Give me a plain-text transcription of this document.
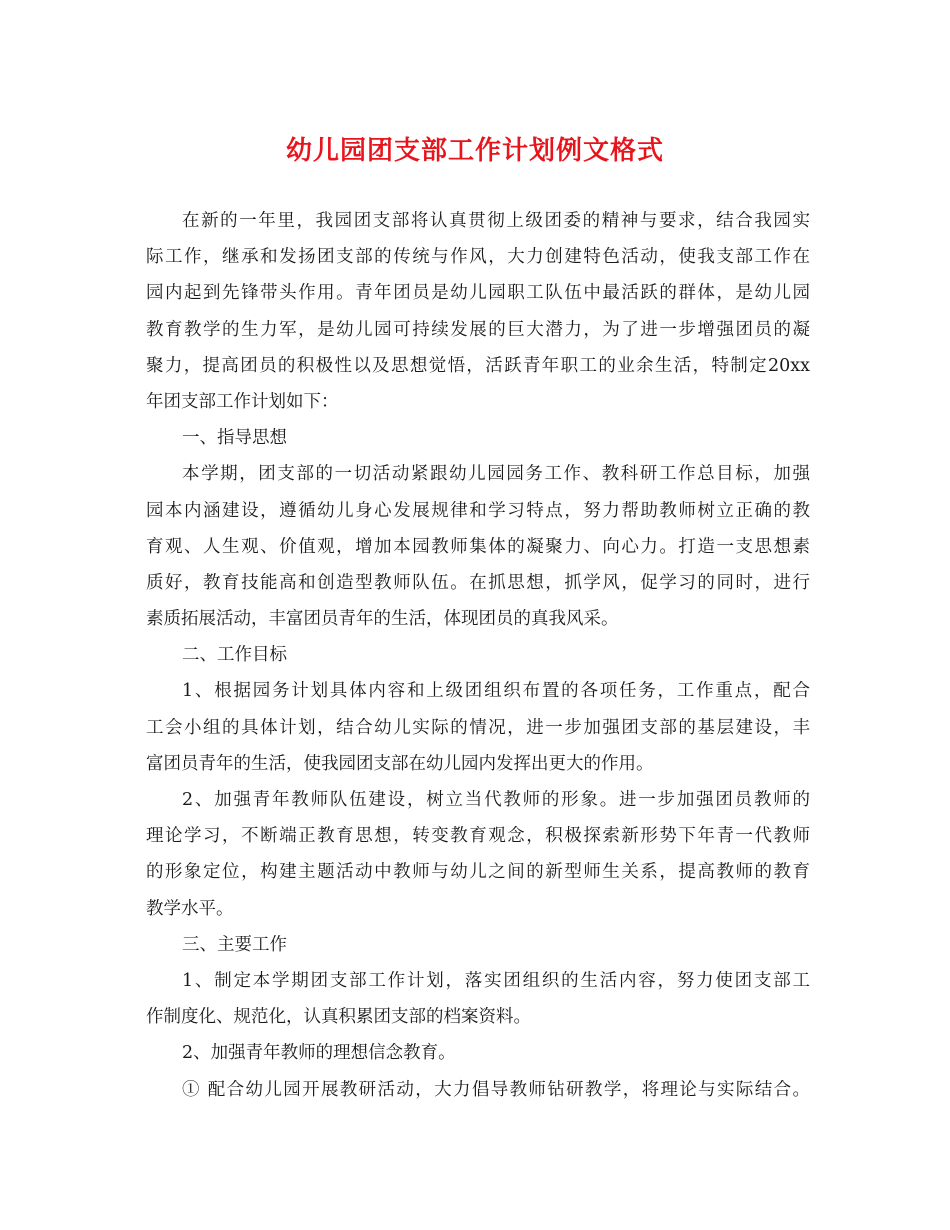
幼儿园团支部工作计划例文格式
在新的一年里，我园团支部将认真贯彻上级团委的精神与要求，结合我园实
际工作，继承和发扬团支部的传统与作风，大力创建特色活动，使我支部工作在
园内起到先锋带头作用。青年团员是幼儿园职工队伍中最活跃的群体，是幼儿园
教育教学的生力军，是幼儿园可持续发展的巨大潜力，为了进一步增强团员的凝
聚力，提高团员的积极性以及思想觉悟，活跃青年职工的业余生活，特制定20xx
年团支部工作计划如下：
一、指导思想
本学期，团支部的一切活动紧跟幼儿园园务工作、教科研工作总目标，加强
园本内涵建设，遵循幼儿身心发展规律和学习特点，努力帮助教师树立正确的教
育观、人生观、价值观，增加本园教师集体的凝聚力、向心力。打造一支思想素
质好，教育技能高和创造型教师队伍。在抓思想，抓学风，促学习的同时，进行
素质拓展活动，丰富团员青年的生活，体现团员的真我风采。
二、工作目标
1、根据园务计划具体内容和上级团组织布置的各项任务，工作重点，配合
工会小组的具体计划，结合幼儿实际的情况，进一步加强团支部的基层建设，丰
富团员青年的生活，使我园团支部在幼儿园内发挥出更大的作用。
2、加强青年教师队伍建设，树立当代教师的形象。进一步加强团员教师的
理论学习，不断端正教育思想，转变教育观念，积极探索新形势下年青一代教师
的形象定位，构建主题活动中教师与幼儿之间的新型师生关系，提高教师的教育
教学水平。
三、主要工作
1、制定本学期团支部工作计划，落实团组织的生活内容，努力使团支部工
作制度化、规范化，认真积累团支部的档案资料。
2、加强青年教师的理想信念教育。
① 配合幼儿园开展教研活动，大力倡导教师钻研教学，将理论与实际结合。
